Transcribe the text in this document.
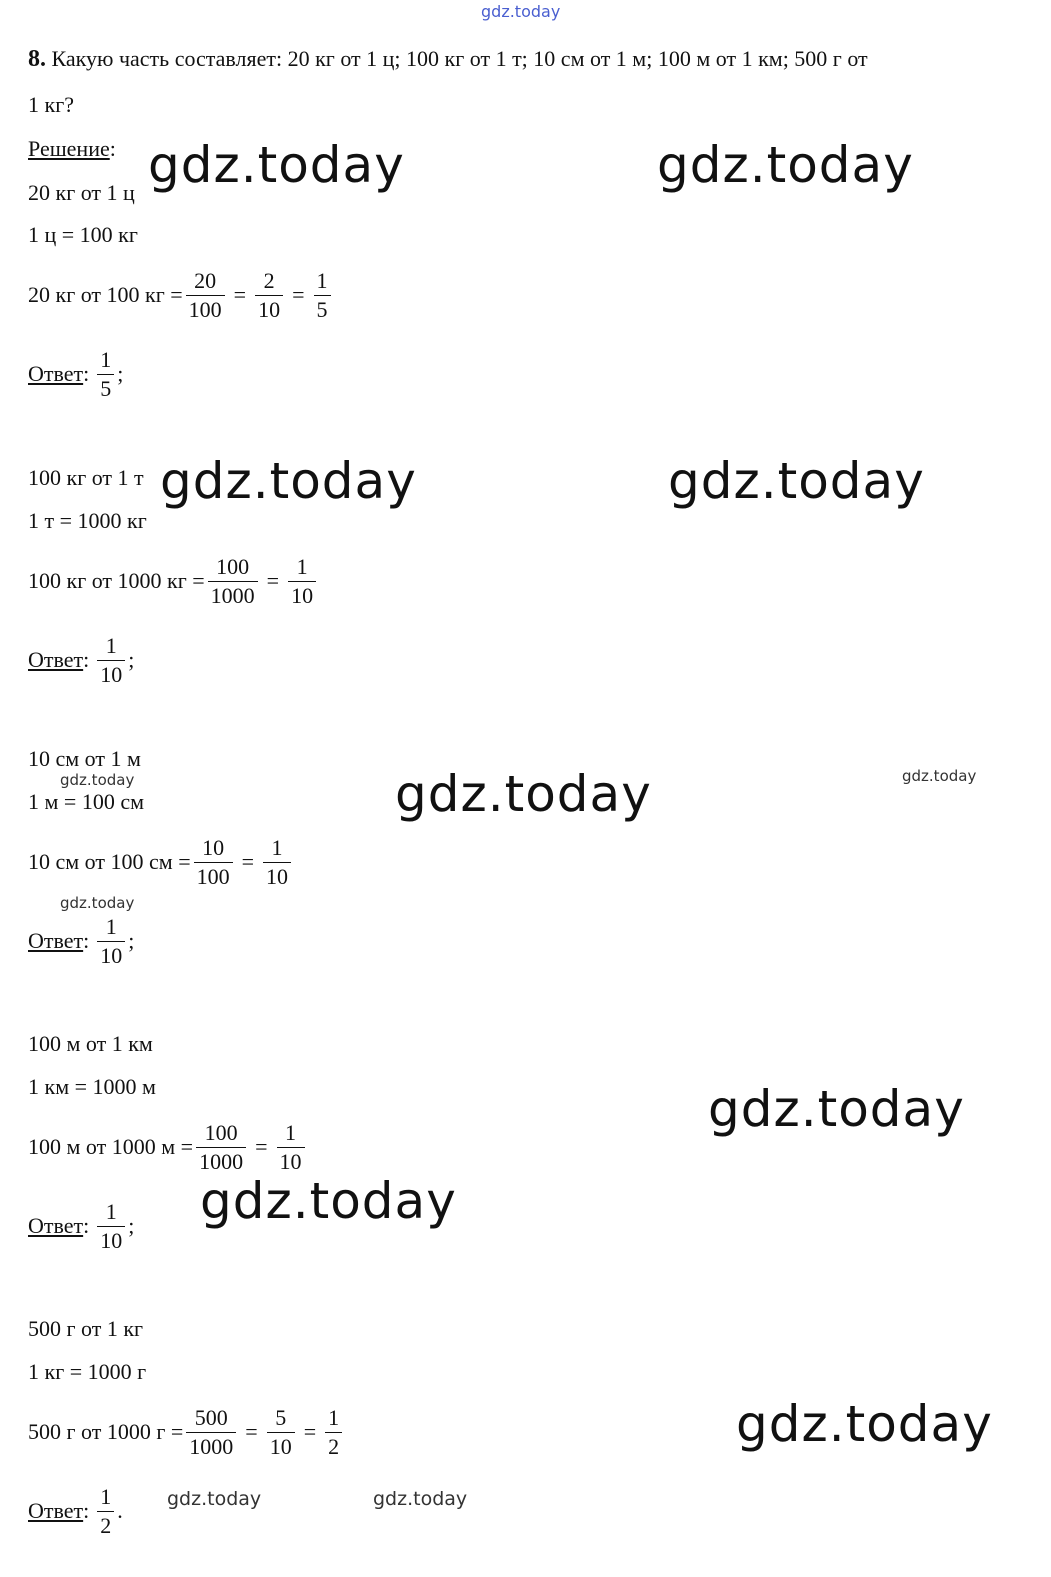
gdz.today
8. Какую часть составляет: 20 кг от 1 ц; 100 кг от 1 т; 10 см от 1 м; 100 м от 1 км; 500 г от
1 кг?
Решение:
20 кг от 1 ц
1 ц = 100 кг
20 кг от 100 кг = $\frac{20}{100} = \frac{2}{10} = \frac{1}{5}$
Ответ : $\frac{1}{5}$ ;
100 кг от 1 т
1 т = 1000 кг
100 кг от 1000 кг = $\frac{100}{1000} = \frac{1}{10}$
Ответ : $\frac{1}{10}$ ;
10 см от 1 м
1 м = 100 см
10 см от 100 см = $\frac{10}{100} = \frac{1}{10}$
Ответ : $\frac{1}{10}$ ;
100 м от 1 км
1 км = 1000 м
100 м от 1000 $м = \frac{100}{1000} = \frac{1}{10}$
Ответ : $\frac{1}{10}$ ;
500 г от 1 кг
1 кг = 1000 г
500 г от 1000 $г = \frac{500}{1000} = \frac{5}{10} = \frac{1}{2}$
Ответ : $\frac{1}{2}$ .
gdz.today	gdz.today
gdz.today	gdz.today
gdz.today
gdz.today
gdz.today
gdz.today
gdz.today	gdz.today
gdz.today
gdz.today	gdz.today
